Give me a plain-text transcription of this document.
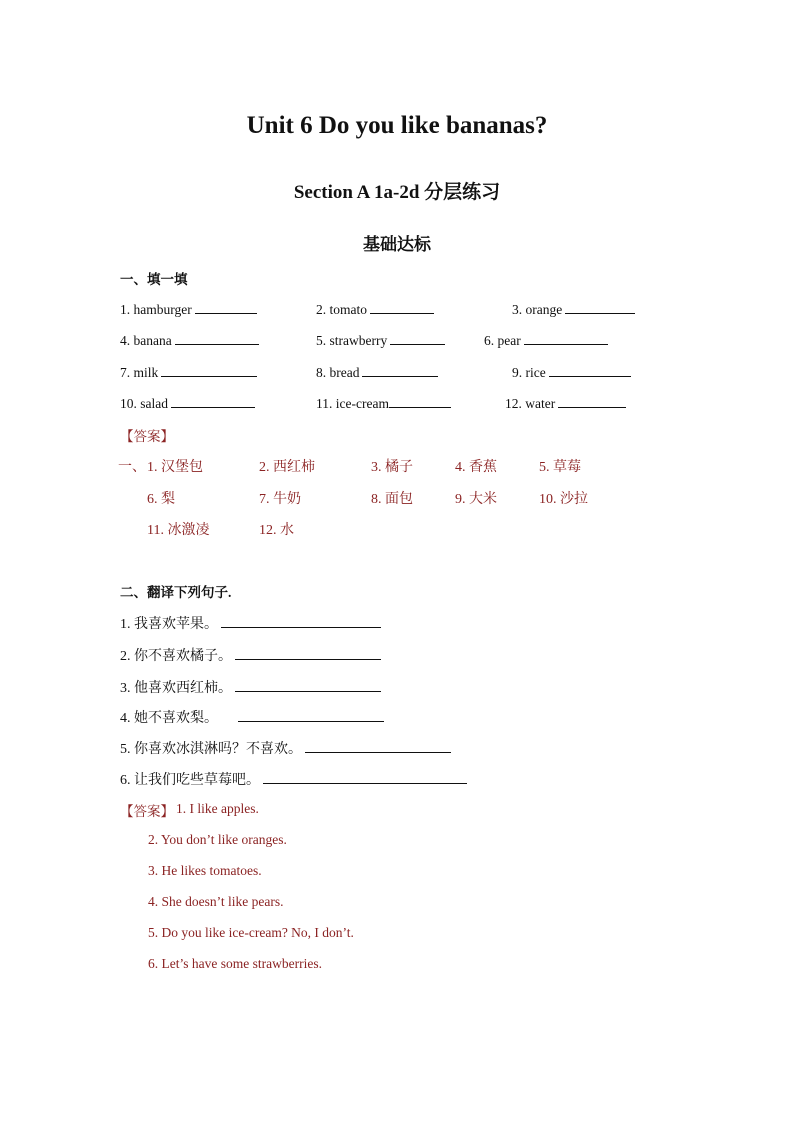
Unit 6 Do you like bananas?
Section A 1a-2d 分层练习
基础达标
一、填一填
1. hamburger	2. tomato	3. orange
4. banana	5. strawberry	6. pear
7. milk	8. bread	9. rice
10. salad	11. ice-cream	12. water
【答案】
一、 1. 汉堡包	2. 西红柿	3. 橘子	4. 香蕉	5. 草莓
6. 梨	7. 牛奶	8. 面包	9. 大米	10. 沙拉
11. 冰激凌	12. 水
二、翻译下列句子.
1. 我喜欢苹果。
2. 你不喜欢橘子。
3. 他喜欢西红柿。
4. 她不喜欢梨。
5. 你喜欢冰淇淋吗？不喜欢。
6. 让我们吃些草莓吧。
【答案】 1. I like apples.
2. You don’t like oranges.
3. He likes tomatoes.
4. She doesn’t like pears.
5. Do you like ice-cream? No, I don’t.
6. Let’s have some strawberries.
